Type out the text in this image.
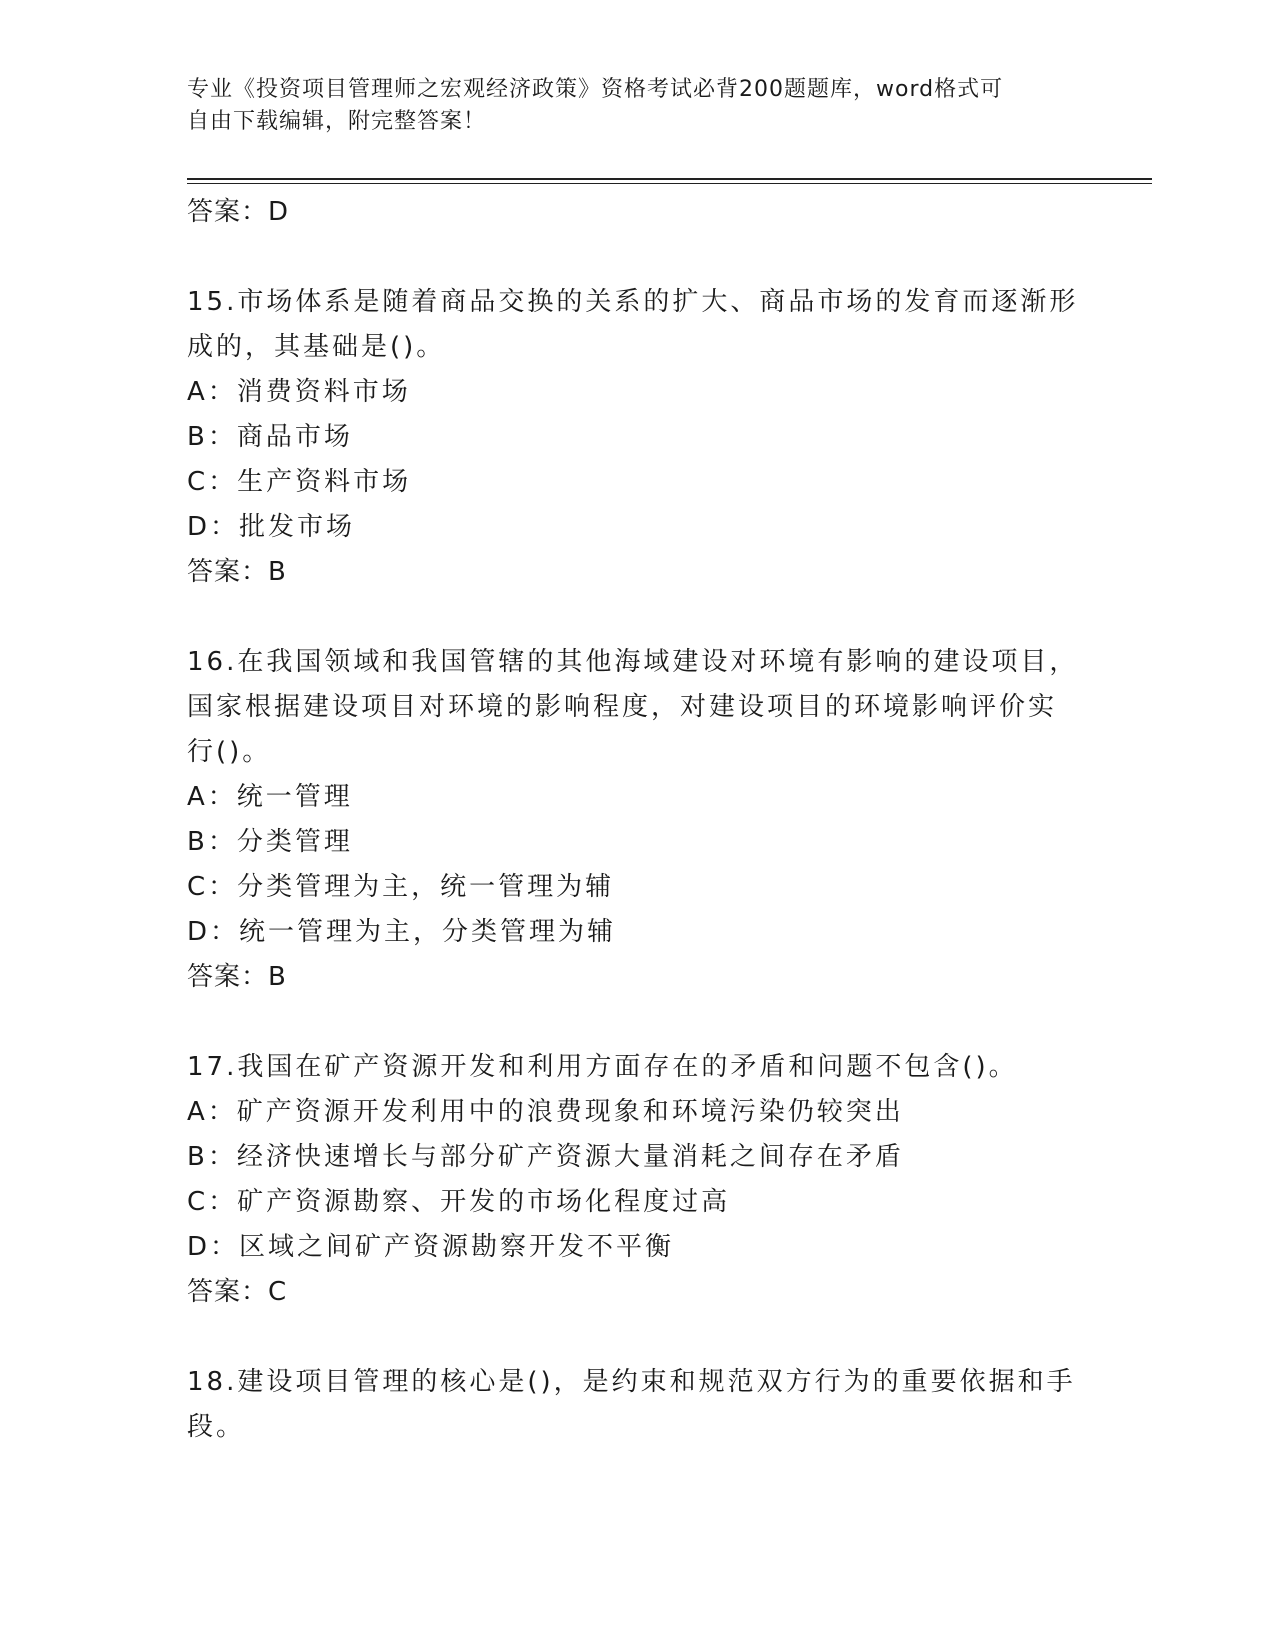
专业《投资项目管理师之宏观经济政策》资格考试必背200题题库，word格式可
自由下载编辑，附完整答案！

答案：D

15.市场体系是随着商品交换的关系的扩大、商品市场的发育而逐渐形

成的，其基础是()。

A：消费资料市场

B：商品市场

C：生产资料市场

D：批发市场

答案：B

16.在我国领域和我国管辖的其他海域建设对环境有影响的建设项目，

国家根据建设项目对环境的影响程度，对建设项目的环境影响评价实

行()。

A：统一管理

B：分类管理

C：分类管理为主，统一管理为辅

D：统一管理为主，分类管理为辅

答案：B

17.我国在矿产资源开发和利用方面存在的矛盾和问题不包含()。

A：矿产资源开发利用中的浪费现象和环境污染仍较突出

B：经济快速增长与部分矿产资源大量消耗之间存在矛盾

C：矿产资源勘察、开发的市场化程度过高

D：区域之间矿产资源勘察开发不平衡

答案：C

18.建设项目管理的核心是()，是约束和规范双方行为的重要依据和手

段。
